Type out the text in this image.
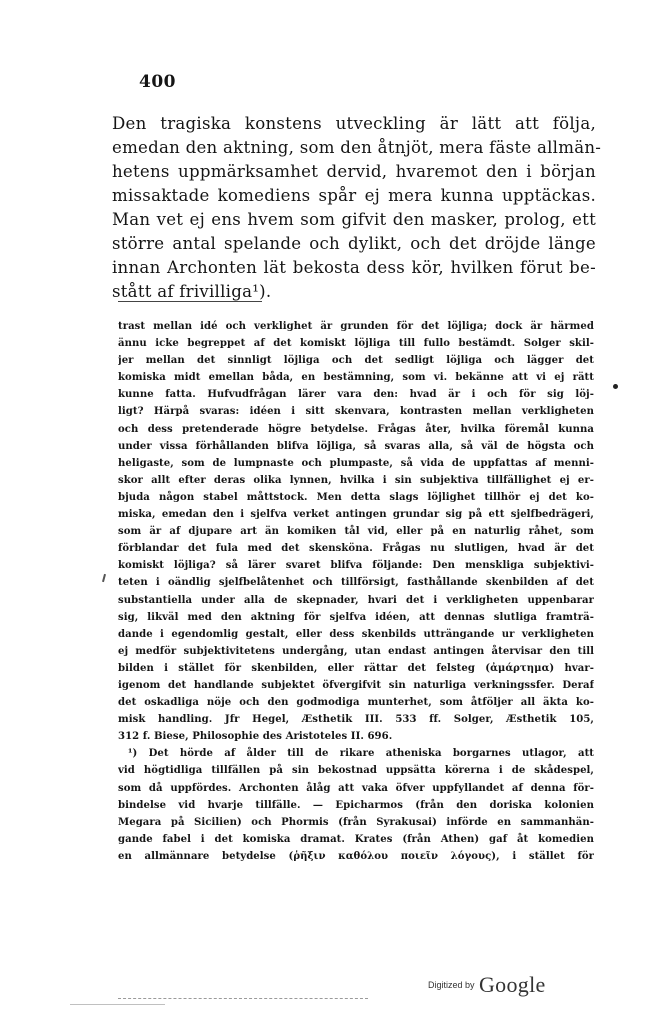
400
Den tragiska konstens utveckling är lätt att följa,
emedan den aktning, som den åtnjöt, mera fäste allmän-
hetens uppmärksamhet dervid, hvaremot den i början
missaktade komediens spår ej mera kunna upptäckas.
Man vet ej ens hvem som gifvit den masker, prolog, ett
större antal spelande och dylikt, och det dröjde länge
innan Archonten lät bekosta dess kör, hvilken förut be-
stått af frivilliga¹).
trast mellan idé och verklighet är grunden för det löjliga; dock är härmed
ännu icke begreppet af det komiskt löjliga till fullo bestämdt. Solger skil-
jer mellan det sinnligt löjliga och det sedligt löjliga och lägger det
komiska midt emellan båda, en bestämning, som vi. bekänne att vi ej rätt
kunne fatta. Hufvudfrågan lärer vara den: hvad är i och för sig löj-
ligt? Härpå svaras: idéen i sitt skenvara, kontrasten mellan verkligheten
och dess pretenderade högre betydelse. Frågas åter, hvilka föremål kunna
under vissa förhållanden blifva löjliga, så svaras alla, så väl de högsta och
heligaste, som de lumpnaste och plumpaste, så vida de uppfattas af menni-
skor allt efter deras olika lynnen, hvilka i sin subjektiva tillfällighet ej er-
bjuda någon stabel måttstock. Men detta slags löjlighet tillhör ej det ko-
miska, emedan den i sjelfva verket antingen grundar sig på ett sjelfbedrägeri,
som är af djupare art än komiken tål vid, eller på en naturlig råhet, som
förblandar det fula med det skensköna. Frågas nu slutligen, hvad är det
komiskt löjliga? så lärer svaret blifva följande: Den menskliga subjektivi-
teten i oändlig sjelfbelåtenhet och tillförsigt, fasthållande skenbilden af det
substantiella under alla de skepnader, hvari det i verkligheten uppenbarar
sig, likväl med den aktning för sjelfva idéen, att dennas slutliga framträ-
dande i egendomlig gestalt, eller dess skenbilds utträngande ur verkligheten
ej medför subjektivitetens undergång, utan endast antingen återvisar den till
bilden i stället för skenbilden, eller rättar det felsteg (ἀμάρτημα) hvar-
igenom det handlande subjektet öfvergifvit sin naturliga verkningssfer. Deraf
det oskadliga nöje och den godmodiga munterhet, som åtföljer all äkta ko-
misk handling. Jfr Hegel, Æsthetik III. 533 ff. Solger, Æsthetik 105,
312 f. Biese, Philosophie des Aristoteles II. 696.
¹) Det hörde af ålder till de rikare atheniska borgarnes utlagor, att
vid högtidliga tillfällen på sin bekostnad uppsätta körerna i de skådespel,
som då uppfördes. Archonten ålåg att vaka öfver uppfyllandet af denna för-
bindelse vid hvarje tillfälle. — Epicharmos (från den doriska kolonien
Megara på Sicilien) och Phormis (från Syrakusai) införde en sammanhän-
gande fabel i det komiska dramat. Krates (från Athen) gaf åt komedien
en allmännare betydelse (ῥῆξιν καθόλου ποιεῖν λόγους), i stället för
Digitized by Google
